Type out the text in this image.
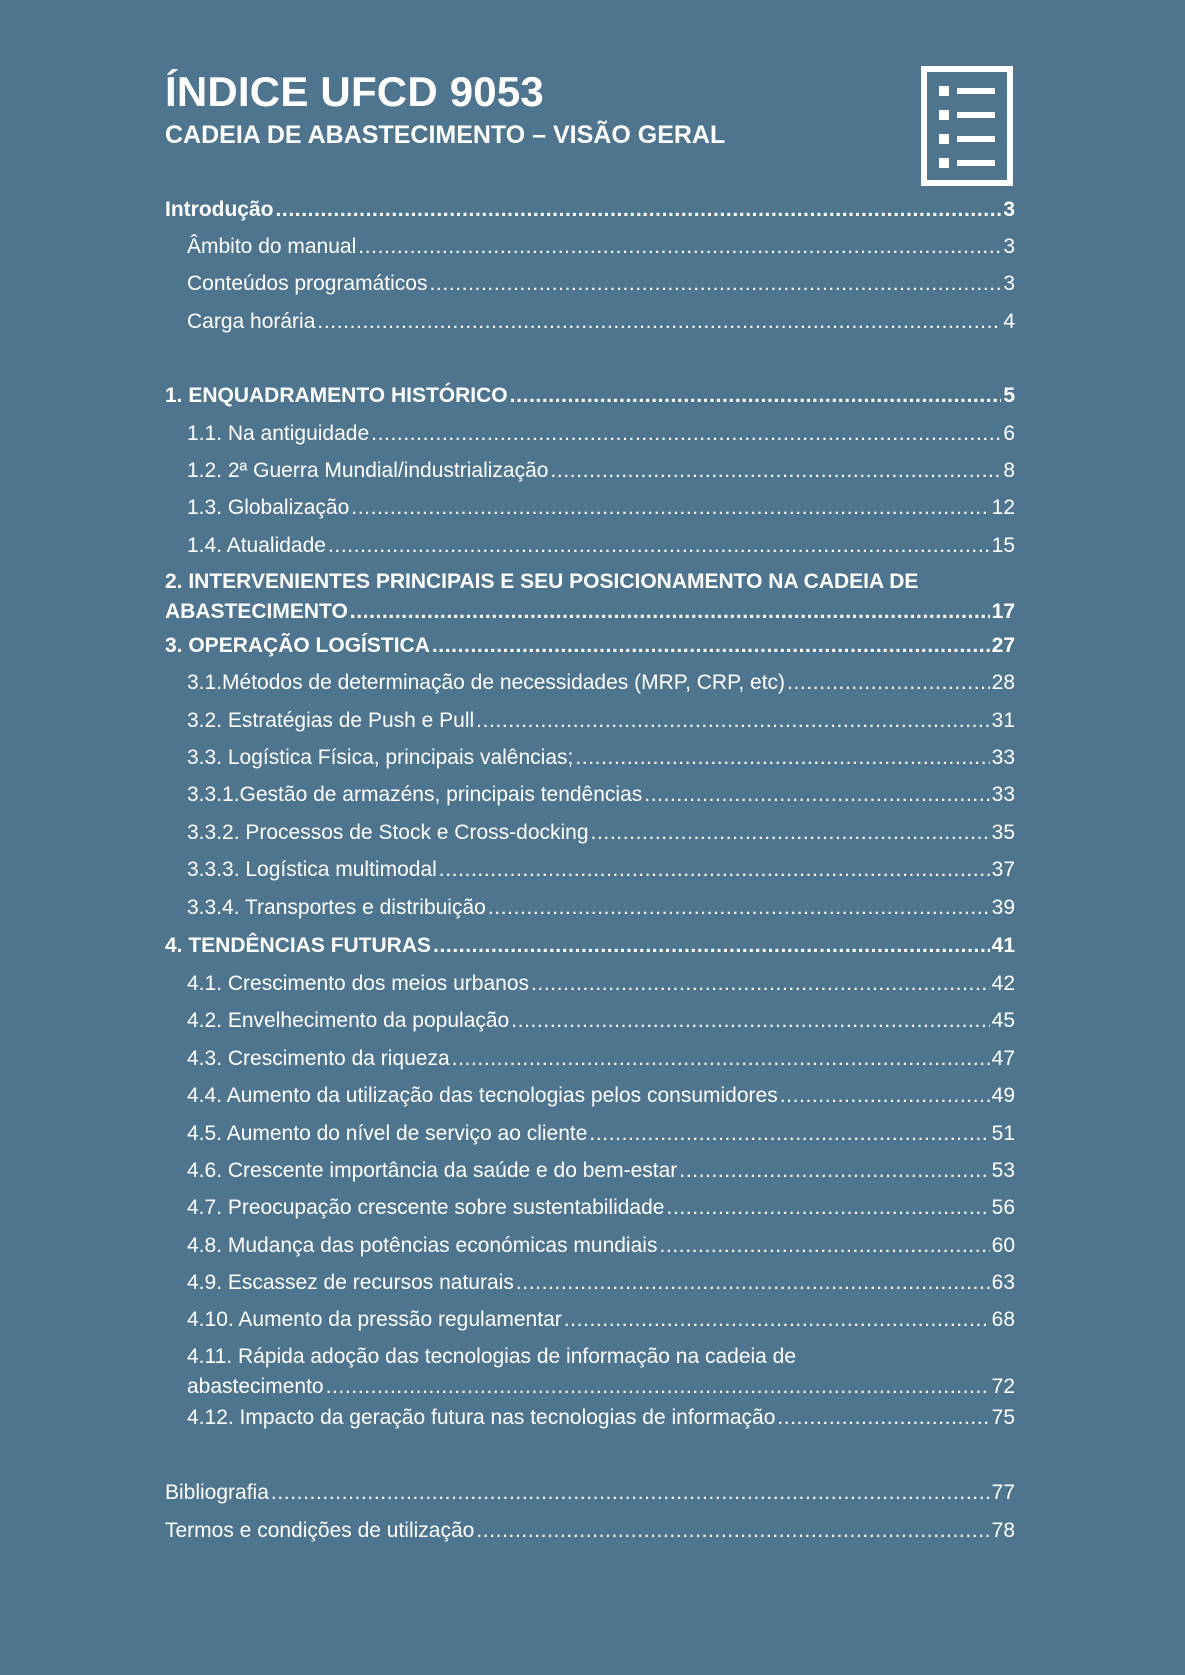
ÍNDICE UFCD 9053
CADEIA DE ABASTECIMENTO – VISÃO GERAL
Introdução .....	3
Âmbito do manual .....	3
Conteúdos programáticos .....	3
Carga horária .....	4
1. ENQUADRAMENTO HISTÓRICO .....	5
1.1. Na antiguidade .....	6
1.2. 2ª Guerra Mundial/industrialização .....	8
1.3. Globalização .....	12
1.4. Atualidade .....	15
2. INTERVENIENTES PRINCIPAIS E SEU POSICIONAMENTO NA CADEIA DE
ABASTECIMENTO .....	17
3. OPERAÇÃO LOGÍSTICA .....	27
3.1.Métodos de determinação de necessidades (MRP, CRP, etc) .....	28
3.2. Estratégias de Push e Pull .....	31
3.3. Logística Física, principais valências; .....	33
3.3.1.Gestão de armazéns, principais tendências .....	33
3.3.2. Processos de Stock e Cross-docking .....	35
3.3.3. Logística multimodal .....	37
3.3.4. Transportes e distribuição .....	39
4. TENDÊNCIAS FUTURAS .....	41
4.1. Crescimento dos meios urbanos .....	42
4.2. Envelhecimento da população .....	45
4.3. Crescimento da riqueza .....	47
4.4. Aumento da utilização das tecnologias pelos consumidores .....	49
4.5. Aumento do nível de serviço ao cliente .....	51
4.6. Crescente importância da saúde e do bem-estar .....	53
4.7. Preocupação crescente sobre sustentabilidade .....	56
4.8. Mudança das potências económicas mundiais .....	60
4.9. Escassez de recursos naturais .....	63
4.10. Aumento da pressão regulamentar .....	68
4.11. Rápida adoção das tecnologias de informação na cadeia de
abastecimento .....	72
4.12. Impacto da geração futura nas tecnologias de informação .....	75
Bibliografia .....	77
Termos e condições de utilização .....	78
